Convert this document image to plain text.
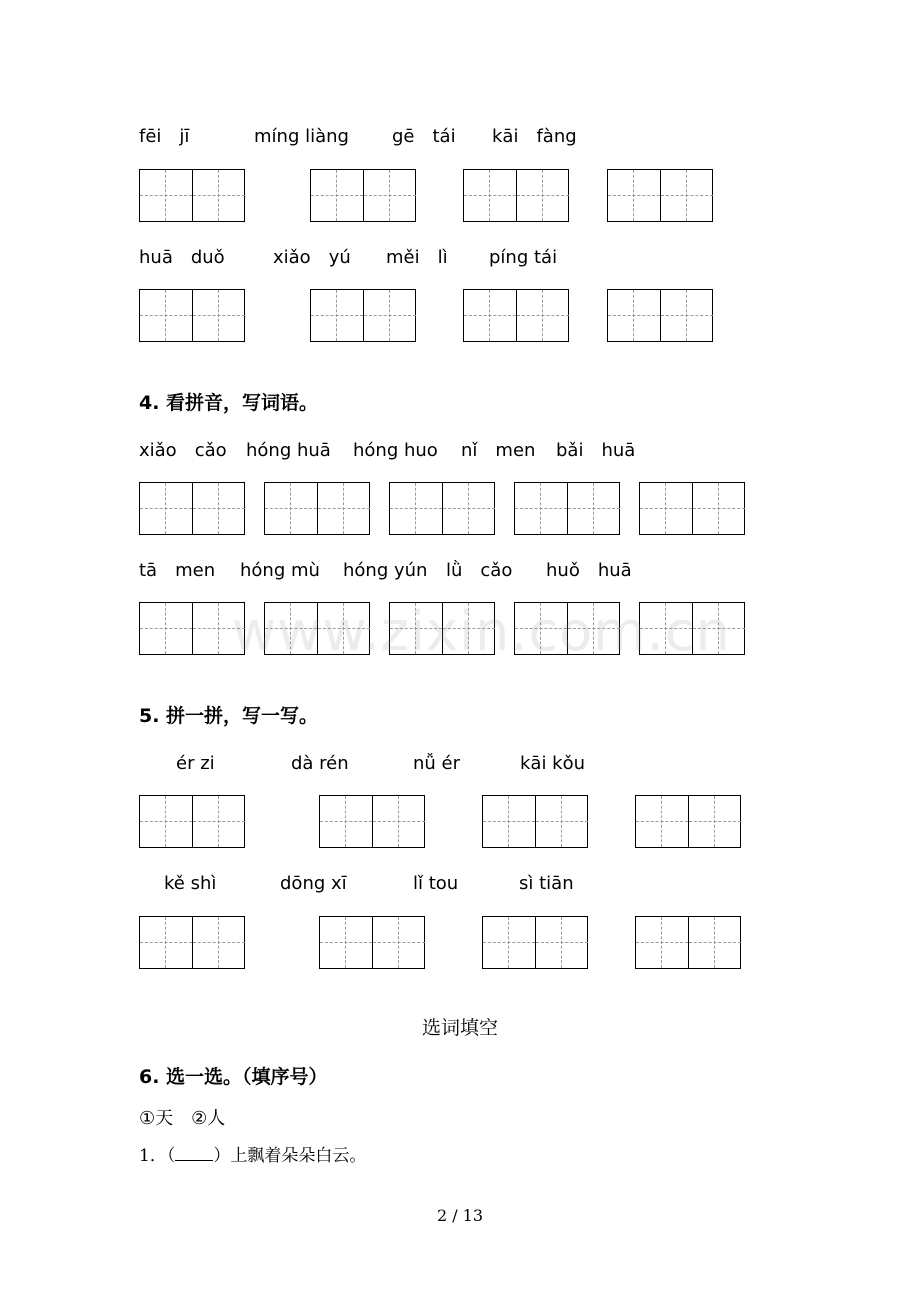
fēi　jī	míng liàng gē　tái kāi　fàng
huā　duǒ	xiǎo　yú měi　lì píng tái
4. 看拼音，写词语。
xiǎo　cǎo hóng huā hóng huo nǐ　men bǎi　huā
tā　men hóng mù hóng yún lǜ　cǎo huǒ　huā
www.zixin.com.cn
5. 拼一拼，写一写。
ér zi	dà rén	nǚ ér	kāi kǒu
kě shì	dōng xī	lǐ tou	sì tiān
选词填空
6. 选一选。（填序号）
①天　②人
1．（ ）上飘着朵朵白云。
2 / 13
